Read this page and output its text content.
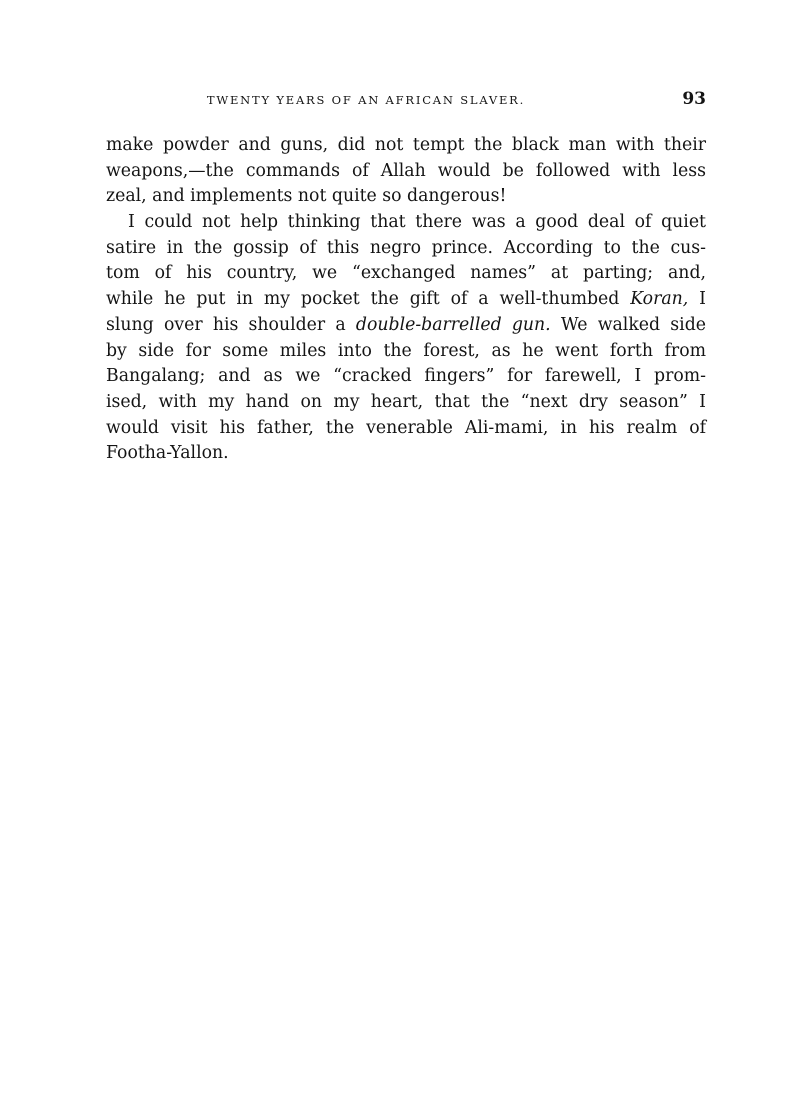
TWENTY YEARS OF AN AFRICAN SLAVER.	93
make powder and guns, did not tempt the black man with their
weapons,—the commands of Allah would be followed with less
zeal, and implements not quite so dangerous!
I could not help thinking that there was a good deal of quiet
satire in the gossip of this negro prince. According to the cus-
tom of his country, we “exchanged names” at parting; and,
while he put in my pocket the gift of a well-thumbed Koran, I
slung over his shoulder a double-barrelled gun. We walked side
by side for some miles into the forest, as he went forth from
Bangalang; and as we “cracked fingers” for farewell, I prom-
ised, with my hand on my heart, that the “next dry season” I
would visit his father, the venerable Ali-mami, in his realm of
Footha-Yallon.
